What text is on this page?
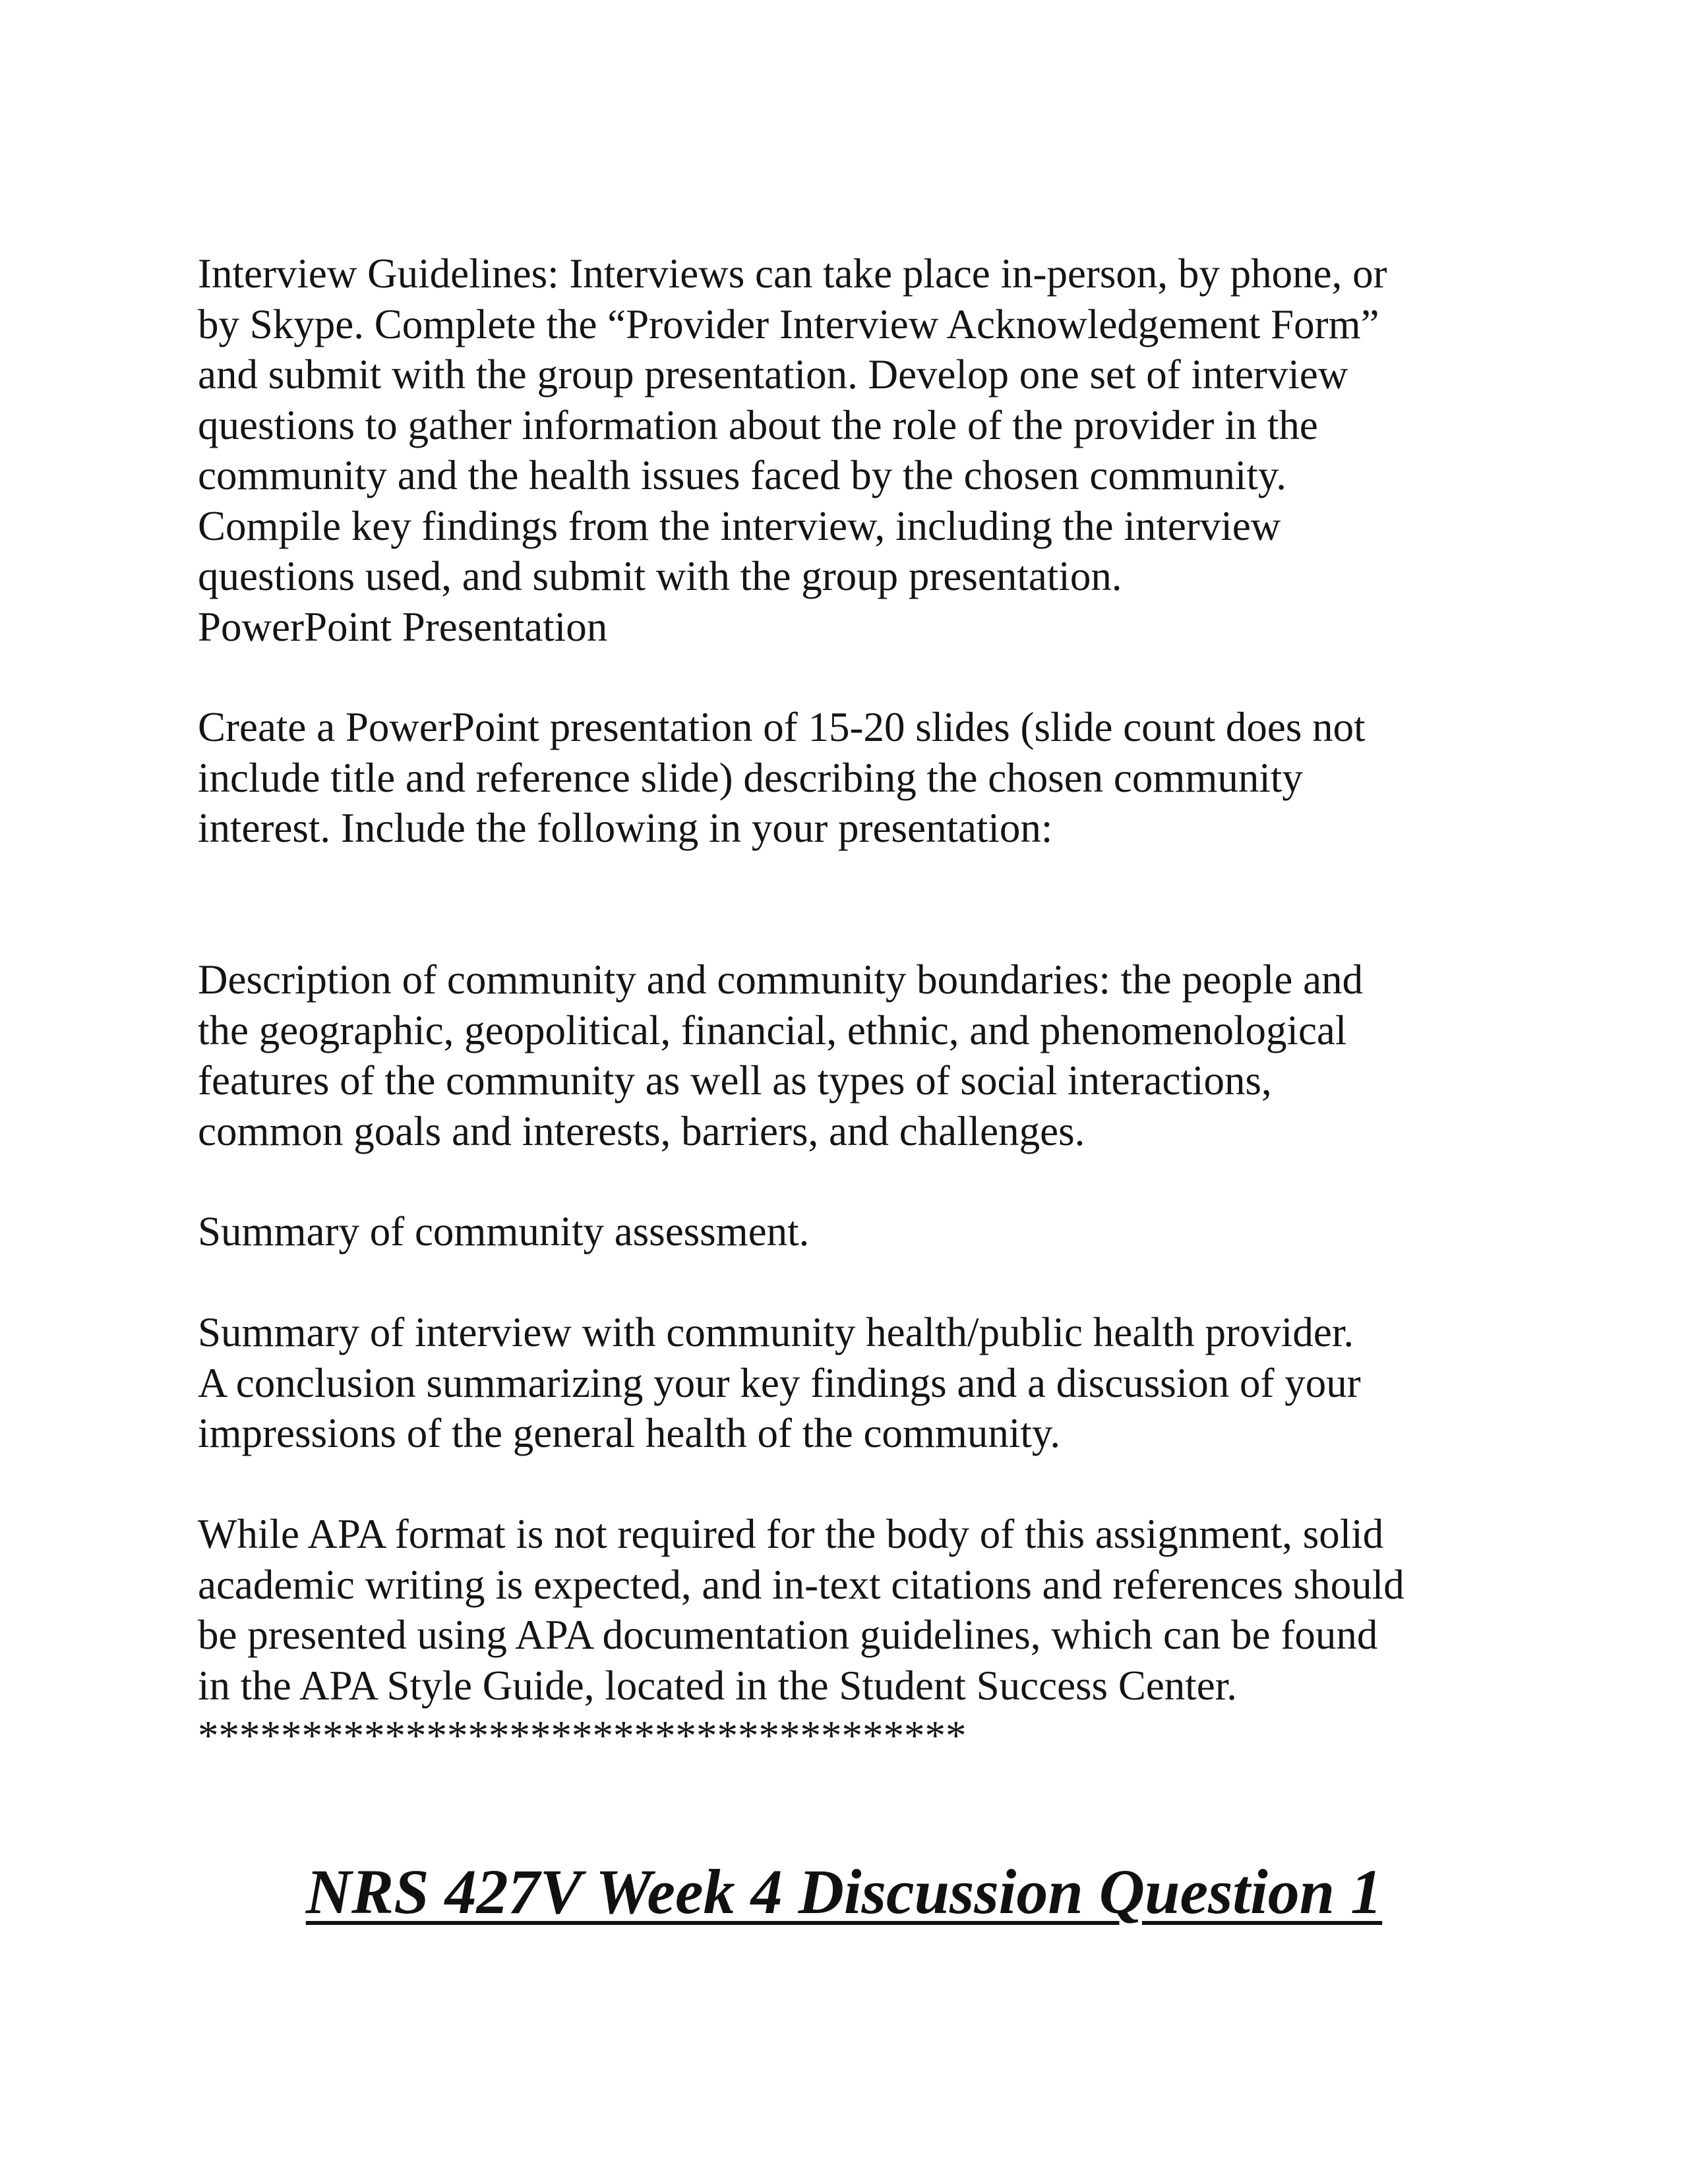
Interview Guidelines: Interviews can take place in-person, by phone, or
by Skype. Complete the “Provider Interview Acknowledgement Form”
and submit with the group presentation. Develop one set of interview
questions to gather information about the role of the provider in the
community and the health issues faced by the chosen community.
Compile key findings from the interview, including the interview
questions used, and submit with the group presentation.
PowerPoint Presentation

Create a PowerPoint presentation of 15-20 slides (slide count does not
include title and reference slide) describing the chosen community
interest. Include the following in your presentation:

Description of community and community boundaries: the people and
the geographic, geopolitical, financial, ethnic, and phenomenological
features of the community as well as types of social interactions,
common goals and interests, barriers, and challenges.

Summary of community assessment.

Summary of interview with community health/public health provider.
A conclusion summarizing your key findings and a discussion of your
impressions of the general health of the community.

While APA format is not required for the body of this assignment, solid
academic writing is expected, and in-text citations and references should
be presented using APA documentation guidelines, which can be found
in the APA Style Guide, located in the Student Success Center.
*************************************

NRS 427V Week 4 Discussion Question 1
